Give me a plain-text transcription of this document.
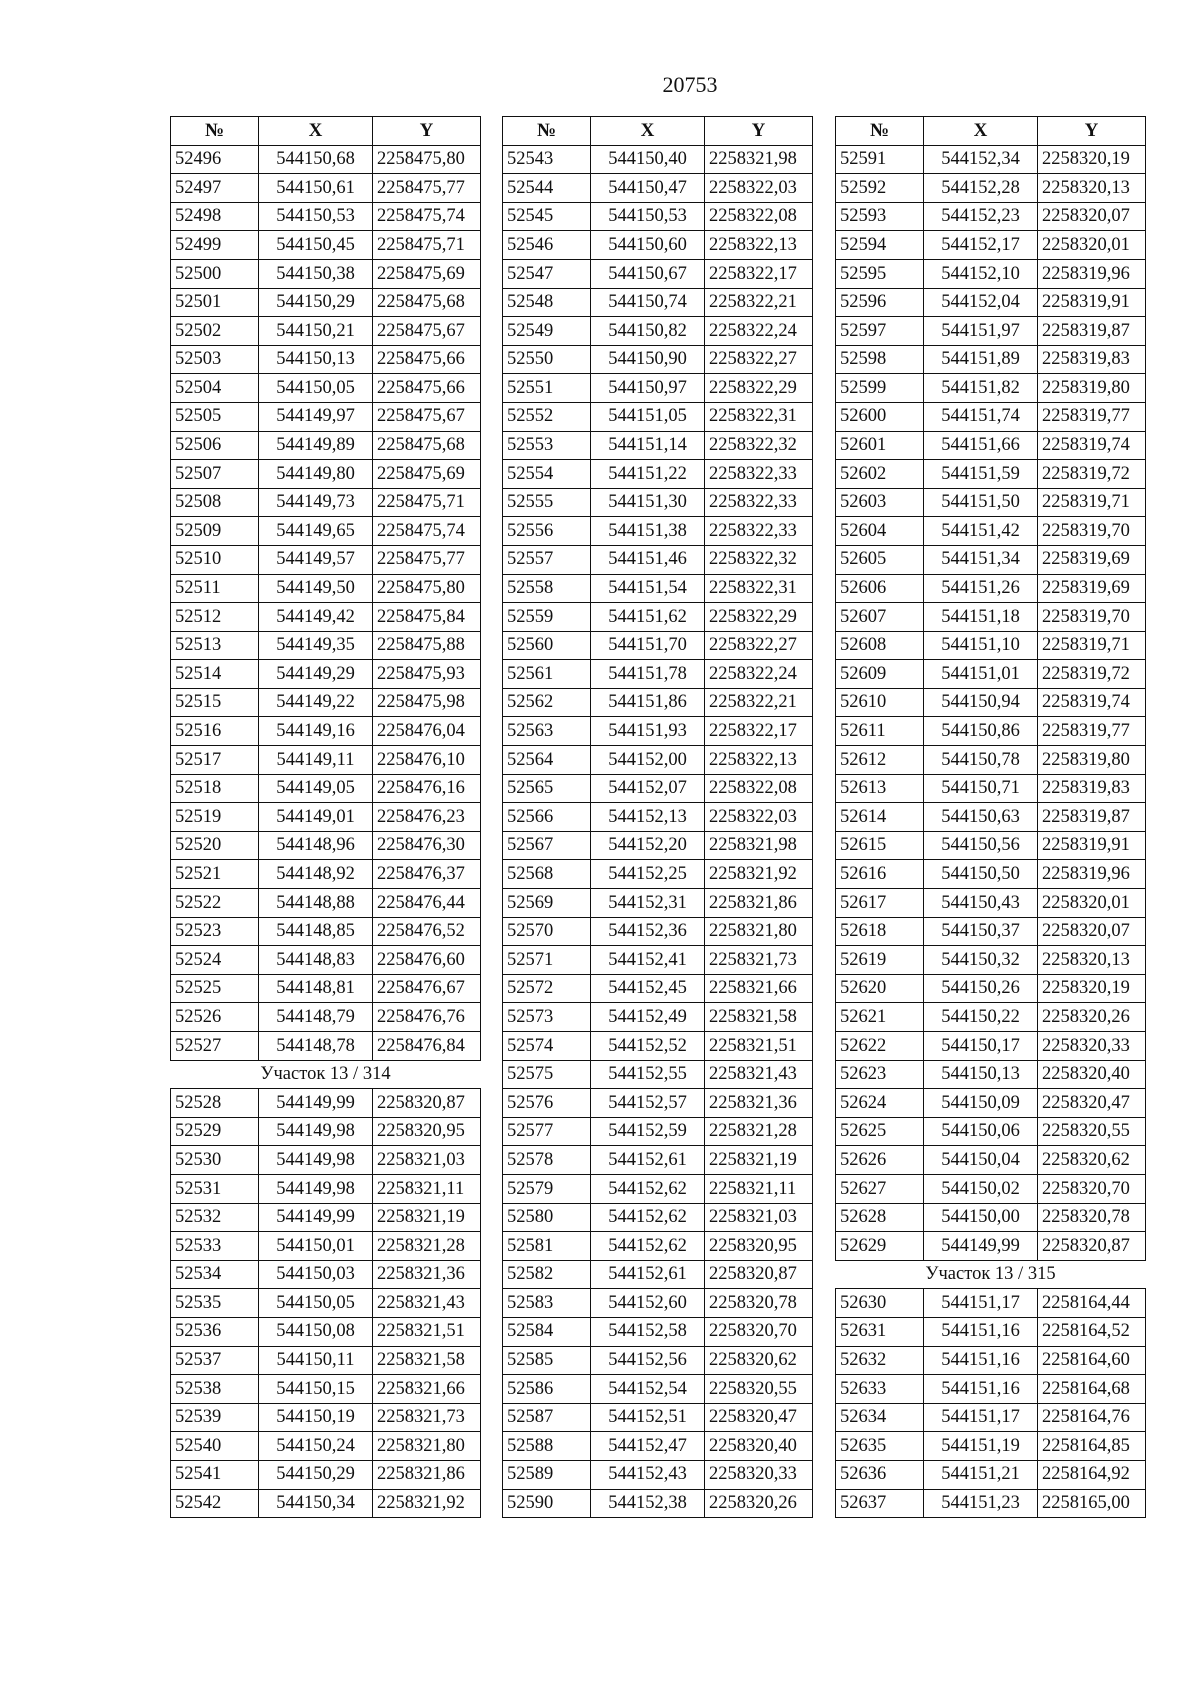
20753
№	X	Y
52496	544150,68	2258475,80
52497	544150,61	2258475,77
52498	544150,53	2258475,74
52499	544150,45	2258475,71
52500	544150,38	2258475,69
52501	544150,29	2258475,68
52502	544150,21	2258475,67
52503	544150,13	2258475,66
52504	544150,05	2258475,66
52505	544149,97	2258475,67
52506	544149,89	2258475,68
52507	544149,80	2258475,69
52508	544149,73	2258475,71
52509	544149,65	2258475,74
52510	544149,57	2258475,77
52511	544149,50	2258475,80
52512	544149,42	2258475,84
52513	544149,35	2258475,88
52514	544149,29	2258475,93
52515	544149,22	2258475,98
52516	544149,16	2258476,04
52517	544149,11	2258476,10
52518	544149,05	2258476,16
52519	544149,01	2258476,23
52520	544148,96	2258476,30
52521	544148,92	2258476,37
52522	544148,88	2258476,44
52523	544148,85	2258476,52
52524	544148,83	2258476,60
52525	544148,81	2258476,67
52526	544148,79	2258476,76
52527	544148,78	2258476,84
Участок 13 / 314		
52528	544149,99	2258320,87
52529	544149,98	2258320,95
52530	544149,98	2258321,03
52531	544149,98	2258321,11
52532	544149,99	2258321,19
52533	544150,01	2258321,28
52534	544150,03	2258321,36
52535	544150,05	2258321,43
52536	544150,08	2258321,51
52537	544150,11	2258321,58
52538	544150,15	2258321,66
52539	544150,19	2258321,73
52540	544150,24	2258321,80
52541	544150,29	2258321,86
52542	544150,34	2258321,92
№	X	Y
52543	544150,40	2258321,98
52544	544150,47	2258322,03
52545	544150,53	2258322,08
52546	544150,60	2258322,13
52547	544150,67	2258322,17
52548	544150,74	2258322,21
52549	544150,82	2258322,24
52550	544150,90	2258322,27
52551	544150,97	2258322,29
52552	544151,05	2258322,31
52553	544151,14	2258322,32
52554	544151,22	2258322,33
52555	544151,30	2258322,33
52556	544151,38	2258322,33
52557	544151,46	2258322,32
52558	544151,54	2258322,31
52559	544151,62	2258322,29
52560	544151,70	2258322,27
52561	544151,78	2258322,24
52562	544151,86	2258322,21
52563	544151,93	2258322,17
52564	544152,00	2258322,13
52565	544152,07	2258322,08
52566	544152,13	2258322,03
52567	544152,20	2258321,98
52568	544152,25	2258321,92
52569	544152,31	2258321,86
52570	544152,36	2258321,80
52571	544152,41	2258321,73
52572	544152,45	2258321,66
52573	544152,49	2258321,58
52574	544152,52	2258321,51
52575	544152,55	2258321,43
52576	544152,57	2258321,36
52577	544152,59	2258321,28
52578	544152,61	2258321,19
52579	544152,62	2258321,11
52580	544152,62	2258321,03
52581	544152,62	2258320,95
52582	544152,61	2258320,87
52583	544152,60	2258320,78
52584	544152,58	2258320,70
52585	544152,56	2258320,62
52586	544152,54	2258320,55
52587	544152,51	2258320,47
52588	544152,47	2258320,40
52589	544152,43	2258320,33
52590	544152,38	2258320,26
№	X	Y
52591	544152,34	2258320,19
52592	544152,28	2258320,13
52593	544152,23	2258320,07
52594	544152,17	2258320,01
52595	544152,10	2258319,96
52596	544152,04	2258319,91
52597	544151,97	2258319,87
52598	544151,89	2258319,83
52599	544151,82	2258319,80
52600	544151,74	2258319,77
52601	544151,66	2258319,74
52602	544151,59	2258319,72
52603	544151,50	2258319,71
52604	544151,42	2258319,70
52605	544151,34	2258319,69
52606	544151,26	2258319,69
52607	544151,18	2258319,70
52608	544151,10	2258319,71
52609	544151,01	2258319,72
52610	544150,94	2258319,74
52611	544150,86	2258319,77
52612	544150,78	2258319,80
52613	544150,71	2258319,83
52614	544150,63	2258319,87
52615	544150,56	2258319,91
52616	544150,50	2258319,96
52617	544150,43	2258320,01
52618	544150,37	2258320,07
52619	544150,32	2258320,13
52620	544150,26	2258320,19
52621	544150,22	2258320,26
52622	544150,17	2258320,33
52623	544150,13	2258320,40
52624	544150,09	2258320,47
52625	544150,06	2258320,55
52626	544150,04	2258320,62
52627	544150,02	2258320,70
52628	544150,00	2258320,78
52629	544149,99	2258320,87
Участок 13 / 315		
52630	544151,17	2258164,44
52631	544151,16	2258164,52
52632	544151,16	2258164,60
52633	544151,16	2258164,68
52634	544151,17	2258164,76
52635	544151,19	2258164,85
52636	544151,21	2258164,92
52637	544151,23	2258165,00
